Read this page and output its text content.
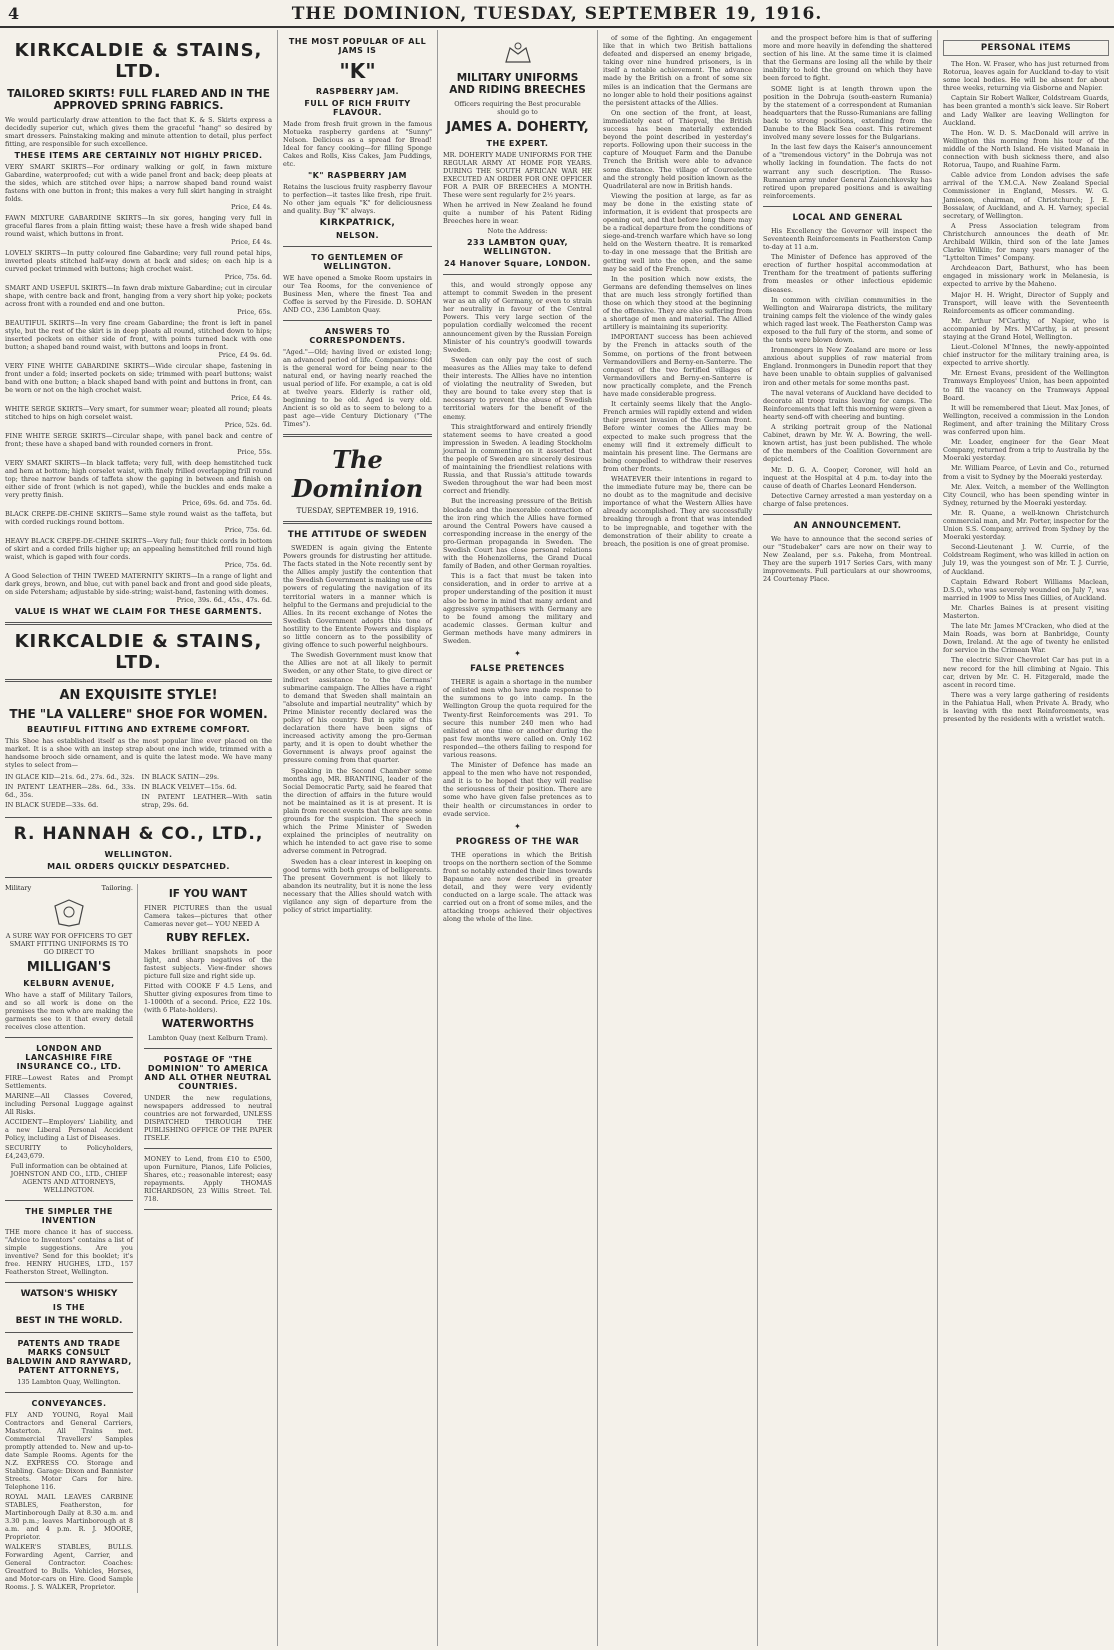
4	THE DOMINION, TUESDAY, SEPTEMBER 19, 1916.
KIRKCALDIE & STAINS, LTD.
TAILORED SKIRTS! FULL FLARED AND IN THE APPROVED SPRING FABRICS.
We would particularly draw attention to the fact that K. & S. Skirts express a decidedly superior cut, which gives them the graceful "hang" so desired by smart dressers. Painstaking making and minute attention to detail, plus perfect fitting, are responsible for such excellence.
THESE ITEMS ARE CERTAINLY NOT HIGHLY PRICED.
VERY SMART SKIRTS—For ordinary walking or golf, in fawn mixture Gabardine, waterproofed; cut with a wide panel front and back; deep pleats at the sides, which are stitched over hips; a narrow shaped band round waist fastens with one button in front; this makes a very full skirt hanging in straight folds.
Price, £4 4s.
FAWN MIXTURE GABARDINE SKIRTS—In six gores, hanging very full in graceful flares from a plain fitting waist; these have a fresh wide shaped band round waist, which buttons in front.
Price, £4 4s.
LOVELY SKIRTS—In putty coloured fine Gabardine; very full round petal hips, inverted pleats stitched half-way down at back and sides; on each hip is a curved pocket trimmed with buttons; high crochet waist.
Price, 75s. 6d.
SMART AND USEFUL SKIRTS—In fawn drab mixture Gabardine; cut in circular shape, with centre back and front, hanging from a very short hip yoke; pockets across front with a rounded end and one button.
Price, 65s.
BEAUTIFUL SKIRTS—In very fine cream Gabardine; the front is left in panel style, but the rest of the skirt is in deep pleats all round, stitched down to hips; inserted pockets on either side of front, with points turned back with one button; a shaped band round waist, with buttons and loops in front.
Price, £4 9s. 6d.
VERY FINE WHITE GABARDINE SKIRTS—Wide circular shape, fastening in front under a fold; inserted pockets on side; trimmed with pearl buttons; waist band with one button; a black shaped band with point and buttons in front, can be worn or not on the high crochet waist.
Price, £4 4s.
WHITE SERGE SKIRTS—Very smart, for summer wear; pleated all round; pleats stitched to hips on high corselet waist.
Price, 52s. 6d.
FINE WHITE SERGE SKIRTS—Circular shape, with panel back and centre of front; these have a shaped band with rounded corners in front.
Price, 55s.
VERY SMART SKIRTS—In black taffeta; very full, with deep hemstitched tuck and hem at bottom; high corselet waist, with finely frilled overlapping frill round top; three narrow bands of taffeta show the gaping in between and finish on either side of front (which is not gaped), while the buckles and ends make a very pretty finish.
Price, 69s. 6d. and 75s. 6d.
BLACK CREPE-DE-CHINE SKIRTS—Same style round waist as the taffeta, but with corded ruckings round bottom.
Price, 75s. 6d.
HEAVY BLACK CREPE-DE-CHINE SKIRTS—Very full; four thick cords in bottom of skirt and a corded frills higher up; an appealing hemstitched frill round high waist, which is gaped with four cords.
Price, 75s. 6d.
A Good Selection of THIN TWEED MATERNITY SKIRTS—In a range of light and dark greys, brown, and blue, cut with panel back and front and good side pleats, on side Petersham; adjustable by side-string; waist-band, fastening with domes.
Price, 39s. 6d., 45s., 47s. 6d.
VALUE IS WHAT WE CLAIM FOR THESE GARMENTS.
KIRKCALDIE & STAINS, LTD.
AN EXQUISITE STYLE!
THE "LA VALLERE" SHOE FOR WOMEN.
BEAUTIFUL FITTING AND EXTREME COMFORT.
This Shoe has established itself as the most popular line ever placed on the market. It is a shoe with an instep strap about one inch wide, trimmed with a handsome brooch side ornament, and is quite the latest mode. We have many styles to select from—
IN GLACE KID—21s. 6d., 27s. 6d., 32s.
IN PATENT LEATHER—28s. 6d., 33s. 6d., 35s.
IN BLACK SUEDE—33s. 6d.
IN BLACK SATIN—29s.
IN BLACK VELVET—15s. 6d.
IN PATENT LEATHER—With satin strap, 29s. 6d.
R. HANNAH & CO., LTD.,
WELLINGTON.
MAIL ORDERS QUICKLY DESPATCHED.
Military	Tailoring.
A SURE WAY FOR OFFICERS TO GET SMART FITTING UNIFORMS IS TO GO DIRECT TO
MILLIGAN'S
KELBURN AVENUE,
Who have a staff of Military Tailors, and so all work is done on the premises the men who are making the garments see to it that every detail receives close attention.
LONDON AND LANCASHIRE FIRE INSURANCE CO., LTD.
FIRE—Lowest Rates and Prompt Settlements.
MARINE—All Classes Covered, including Personal Luggage against All Risks.
ACCIDENT—Employers' Liability, and a new Liberal Personal Accident Policy, including a List of Diseases.
SECURITY to Policyholders, £4,243,679.
Full information can be obtained at JOHNSTON AND CO., LTD., CHIEF AGENTS AND ATTORNEYS, WELLINGTON.
THE SIMPLER THE INVENTION
THE more chance it has of success. "Advice to Inventors" contains a list of simple suggestions. Are you inventive? Send for this booklet; it's free. HENRY HUGHES, LTD., 157 Featherston Street, Wellington.
WATSON'S WHISKY
IS THE
BEST IN THE WORLD.
PATENTS AND TRADE MARKS CONSULT BALDWIN AND RAYWARD, PATENT ATTORNEYS,
135 Lambton Quay, Wellington.
CONVEYANCES.
FLY AND YOUNG, Royal Mail Contractors and General Carriers, Masterton. All Trains met. Commercial Travellers' Samples promptly attended to. New and up-to-date Sample Rooms. Agents for the N.Z. EXPRESS CO. Storage and Stabling. Garage: Dixon and Bannister Streets. Motor Cars for hire. Telephone 116.
ROYAL MAIL LEAVES CARBINE STABLES, Featherston, for Martinborough Daily at 8.30 a.m. and 3.30 p.m.; leaves Martinborough at 8 a.m. and 4 p.m. R. J. MOORE, Proprietor.
WALKER'S STABLES, BULLS. Forwarding Agent, Carrier, and General Contractor. Coaches: Greatford to Bulls. Vehicles, Horses, and Motor-cars on Hire. Good Sample Rooms. J. S. WALKER, Proprietor.
IF YOU WANT
FINER PICTURES than the usual Camera takes—pictures that other Cameras never get— YOU NEED A
RUBY REFLEX.
Makes brilliant snapshots in poor light, and sharp negatives of the fastest subjects. View-finder shows picture full size and right side up.
Fitted with COOKE F 4.5 Lens, and Shutter giving exposures from time to 1-1000th of a second. Price, £22 10s. (with 6 Plate-holders).
WATERWORTHS
Lambton Quay (next Kelburn Tram).
POSTAGE OF "THE DOMINION" TO AMERICA AND ALL OTHER NEUTRAL COUNTRIES.
UNDER the new regulations, newspapers addressed to neutral countries are not forwarded, UNLESS DISPATCHED THROUGH THE PUBLISHING OFFICE OF THE PAPER ITSELF.
MONEY to Lend, from £10 to £500, upon Furniture, Pianos, Life Policies, Shares, etc.; reasonable interest; easy repayments. Apply THOMAS RICHARDSON, 23 Willis Street. Tel. 718.
THE MOST POPULAR OF ALL JAMS IS
"K"
RASPBERRY JAM.
FULL OF RICH FRUITY FLAVOUR.
Made from fresh fruit grown in the famous Motueka raspberry gardens at "Sunny" Nelson. Delicious as a spread for Bread! Ideal for fancy cooking—for filling Sponge Cakes and Rolls, Kiss Cakes, Jam Puddings, etc.
"K" RASPBERRY JAM
Retains the luscious fruity raspberry flavour to perfection—it tastes like fresh, ripe fruit. No other jam equals "K" for deliciousness and quality. Buy "K" always.
KIRKPATRICK,
NELSON.
TO GENTLEMEN OF WELLINGTON.
WE have opened a Smoke Room upstairs in our Tea Rooms, for the convenience of Business Men, where the finest Tea and Coffee is served by the Fireside. D. SOHAN AND CO., 236 Lambton Quay.
ANSWERS TO CORRESPONDENTS.
"Aged."—Old; having lived or existed long; an advanced period of life. Companions: Old is the general word for being near to the natural end, or having nearly reached the usual period of life. For example, a cat is old at twelve years. Elderly is rather old, beginning to be old. Aged is very old. Ancient is so old as to seem to belong to a past age—vide Century Dictionary ("The Times").
The Dominion
TUESDAY, SEPTEMBER 19, 1916.
THE ATTITUDE OF SWEDEN
SWEDEN is again giving the Entente Powers grounds for distrusting her attitude. The facts stated in the Note recently sent by the Allies amply justify the contention that the Swedish Government is making use of its powers of regulating the navigation of its territorial waters in a manner which is helpful to the Germans and prejudicial to the Allies. In its recent exchange of Notes the Swedish Government adopts this tone of hostility to the Entente Powers and displays so little concern as to the possibility of giving offence to such powerful neighbours.
The Swedish Government must know that the Allies are not at all likely to permit Sweden, or any other State, to give direct or indirect assistance to the Germans' submarine campaign. The Allies have a right to demand that Sweden shall maintain an "absolute and impartial neutrality" which by Prime Minister recently declared was the policy of his country. But in spite of this declaration there have been signs of increased activity among the pro-German party, and it is open to doubt whether the Government is always proof against the pressure coming from that quarter.
Speaking in the Second Chamber some months ago, MR. BRANTING, leader of the Social Democratic Party, said he feared that the direction of affairs in the future would not be maintained as it is at present. It is plain from recent events that there are some grounds for the suspicion. The speech in which the Prime Minister of Sweden explained the principles of neutrality on which he intended to act gave rise to some adverse comment in Petrograd.
Sweden has a clear interest in keeping on good terms with both groups of belligerents. The present Government is not likely to abandon its neutrality, but it is none the less necessary that the Allies should watch with vigilance any sign of departure from the policy of strict impartiality.
MILITARY UNIFORMS AND RIDING BREECHES
Officers requiring the Best procurable should go to
JAMES A. DOHERTY,
THE EXPERT.
MR. DOHERTY MADE UNIFORMS FOR THE REGULAR ARMY AT HOME FOR YEARS. DURING THE SOUTH AFRICAN WAR HE EXECUTED AN ORDER FOR ONE OFFICER FOR A PAIR OF BREECHES A MONTH. These were sent regularly for 2½ years.
When he arrived in New Zealand he found quite a number of his Patent Riding Breeches here in wear.
Note the Address:
233 LAMBTON QUAY, WELLINGTON.
24 Hanover Square, LONDON.
this, and would strongly oppose any attempt to commit Sweden in the present war as an ally of Germany, or even to strain her neutrality in favour of the Central Powers. This very large section of the population cordially welcomed the recent announcement given by the Russian Foreign Minister of his country's goodwill towards Sweden.
Sweden can only pay the cost of such measures as the Allies may take to defend their interests. The Allies have no intention of violating the neutrality of Sweden, but they are bound to take every step that is necessary to prevent the abuse of Swedish territorial waters for the benefit of the enemy.
This straightforward and entirely friendly statement seems to have created a good impression in Sweden. A leading Stockholm journal in commenting on it asserted that the people of Sweden are sincerely desirous of maintaining the friendliest relations with Russia, and that Russia's attitude towards Sweden throughout the war had been most correct and friendly.
But the increasing pressure of the British blockade and the inexorable contraction of the iron ring which the Allies have formed around the Central Powers have caused a corresponding increase in the energy of the pro-German propaganda in Sweden. The Swedish Court has close personal relations with the Hohenzollerns, the Grand Ducal family of Baden, and other German royalties.
This is a fact that must be taken into consideration, and in order to arrive at a proper understanding of the position it must also be borne in mind that many ardent and aggressive sympathisers with Germany are to be found among the military and academic classes. German kultur and German methods have many admirers in Sweden.
✦
FALSE PRETENCES
THERE is again a shortage in the number of enlisted men who have made response to the summons to go into camp. In the Wellington Group the quota required for the Twenty-first Reinforcements was 291. To secure this number 240 men who had enlisted at one time or another during the past few months were called on. Only 162 responded—the others failing to respond for various reasons.
The Minister of Defence has made an appeal to the men who have not responded, and it is to be hoped that they will realise the seriousness of their position. There are some who have given false pretences as to their health or circumstances in order to evade service.
✦
PROGRESS OF THE WAR
THE operations in which the British troops on the northern section of the Somme front so notably extended their lines towards Bapaume are now described in greater detail, and they were very evidently conducted on a large scale. The attack was carried out on a front of some miles, and the attacking troops achieved their objectives along the whole of the line.
of some of the fighting. An engagement like that in which two British battalions defeated and dispersed an enemy brigade, taking over nine hundred prisoners, is in itself a notable achievement. The advance made by the British on a front of some six miles is an indication that the Germans are no longer able to hold their positions against the persistent attacks of the Allies.
On one section of the front, at least, immediately east of Thiepval, the British success has been materially extended beyond the point described in yesterday's reports. Following upon their success in the capture of Mouquet Farm and the Danube Trench the British were able to advance some distance. The village of Courcelette and the strongly held position known as the Quadrilateral are now in British hands.
Viewing the position at large, as far as may be done in the existing state of information, it is evident that prospects are opening out, and that before long there may be a radical departure from the conditions of siege-and-trench warfare which have so long held on the Western theatre. It is remarked to-day in one message that the British are getting well into the open, and the same may be said of the French.
In the position which now exists, the Germans are defending themselves on lines that are much less strongly fortified than those on which they stood at the beginning of the offensive. They are also suffering from a shortage of men and material. The Allied artillery is maintaining its superiority.
IMPORTANT success has been achieved by the French in attacks south of the Somme, on portions of the front between Vermandovillers and Berny-en-Santerre. The conquest of the two fortified villages of Vermandovillers and Berny-en-Santerre is now practically complete, and the French have made considerable progress.
It certainly seems likely that the Anglo-French armies will rapidly extend and widen their present invasion of the German front. Before winter comes the Allies may be expected to make such progress that the enemy will find it extremely difficult to maintain his present line. The Germans are being compelled to withdraw their reserves from other fronts.
WHATEVER their intentions in regard to the immediate future may be, there can be no doubt as to the magnitude and decisive importance of what the Western Allies have already accomplished. They are successfully breaking through a front that was intended to be impregnable, and together with the demonstration of their ability to create a breach, the position is one of great promise.
and the prospect before him is that of suffering more and more heavily in defending the shattered section of his line. At the same time it is claimed that the Germans are losing all the while by their inability to hold the ground on which they have been forced to fight.
SOME light is at length thrown upon the position in the Dobruja (south-eastern Rumania) by the statement of a correspondent at Rumanian headquarters that the Russo-Rumanians are falling back to strong positions, extending from the Danube to the Black Sea coast. This retirement involved many severe losses for the Bulgarians.
In the last few days the Kaiser's announcement of a "tremendous victory" in the Dobruja was not wholly lacking in foundation. The facts do not warrant any such description. The Russo-Rumanian army under General Zaionchkovsky has retired upon prepared positions and is awaiting reinforcements.
LOCAL AND GENERAL
His Excellency the Governor will inspect the Seventeenth Reinforcements in Featherston Camp to-day at 11 a.m.
The Minister of Defence has approved of the erection of further hospital accommodation at Trentham for the treatment of patients suffering from measles or other infectious epidemic diseases.
In common with civilian communities in the Wellington and Wairarapa districts, the military training camps felt the violence of the windy gales which raged last week. The Featherston Camp was exposed to the full fury of the storm, and some of the tents were blown down.
Ironmongers in New Zealand are more or less anxious about supplies of raw material from England. Ironmongers in Dunedin report that they have been unable to obtain supplies of galvanised iron and other metals for some months past.
The naval veterans of Auckland have decided to decorate all troop trains leaving for camps. The Reinforcements that left this morning were given a hearty send-off with cheering and bunting.
A striking portrait group of the National Cabinet, drawn by Mr. W. A. Bowring, the well-known artist, has just been published. The whole of the members of the Coalition Government are depicted.
Mr. D. G. A. Cooper, Coroner, will hold an inquest at the Hospital at 4 p.m. to-day into the cause of death of Charles Leonard Henderson.
Detective Carney arrested a man yesterday on a charge of false pretences.
AN ANNOUNCEMENT.
We have to announce that the second series of our "Studebaker" cars are now on their way to New Zealand, per s.s. Pakeha, from Montreal. They are the superb 1917 Series Cars, with many improvements. Full particulars at our showrooms, 24 Courtenay Place.
PERSONAL ITEMS
The Hon. W. Fraser, who has just returned from Rotorua, leaves again for Auckland to-day to visit some local bodies. He will be absent for about three weeks, returning via Gisborne and Napier.
Captain Sir Robert Walker, Coldstream Guards, has been granted a month's sick leave. Sir Robert and Lady Walker are leaving Wellington for Auckland.
The Hon. W. D. S. MacDonald will arrive in Wellington this morning from his tour of the middle of the North Island. He visited Manaia in connection with bush sickness there, and also Rotorua, Taupo, and Ruahine Farm.
Cable advice from London advises the safe arrival of the Y.M.C.A. New Zealand Special Commissioner in England, Messrs. W. G. Jamieson, chairman, of Christchurch; J. E. Bossalaw, of Auckland, and A. H. Varney, special secretary, of Wellington.
A Press Association telegram from Christchurch announces the death of Mr. Archibald Wilkin, third son of the late James Clarke Wilkin; for many years manager of the "Lyttelton Times" Company.
Archdeacon Dart, Bathurst, who has been engaged in missionary work in Melanesia, is expected to arrive by the Maheno.
Major H. H. Wright, Director of Supply and Transport, will leave with the Seventeenth Reinforcements as officer commanding.
Mr. Arthur M'Carthy, of Napier, who is accompanied by Mrs. M'Carthy, is at present staying at the Grand Hotel, Wellington.
Lieut.-Colonel M'Innes, the newly-appointed chief instructor for the military training area, is expected to arrive shortly.
Mr. Ernest Evans, president of the Wellington Tramways Employees' Union, has been appointed to fill the vacancy on the Tramways Appeal Board.
It will be remembered that Lieut. Max Jones, of Wellington, received a commission in the London Regiment, and after training the Military Cross was conferred upon him.
Mr. Loader, engineer for the Gear Meat Company, returned from a trip to Australia by the Moeraki yesterday.
Mr. William Pearce, of Levin and Co., returned from a visit to Sydney by the Moeraki yesterday.
Mr. Alex. Veitch, a member of the Wellington City Council, who has been spending winter in Sydney, returned by the Moeraki yesterday.
Mr. R. Quane, a well-known Christchurch commercial man, and Mr. Porter, inspector for the Union S.S. Company, arrived from Sydney by the Moeraki yesterday.
Second-Lieutenant J. W. Currie, of the Coldstream Regiment, who was killed in action on July 19, was the youngest son of Mr. T. J. Currie, of Auckland.
Captain Edward Robert Williams Maclean, D.S.O., who was severely wounded on July 7, was married in 1909 to Miss Ines Gillies, of Auckland.
Mr. Charles Baines is at present visiting Masterton.
The late Mr. James M'Cracken, who died at the Main Roads, was born at Banbridge, County Down, Ireland. At the age of twenty he enlisted for service in the Crimean War.
The electric Silver Chevrolet Car has put in a new record for the hill climbing at Ngaio. This car, driven by Mr. C. H. Fitzgerald, made the ascent in record time.
There was a very large gathering of residents in the Pahiatua Hall, when Private A. Brady, who is leaving with the next Reinforcements, was presented by the residents with a wristlet watch.
